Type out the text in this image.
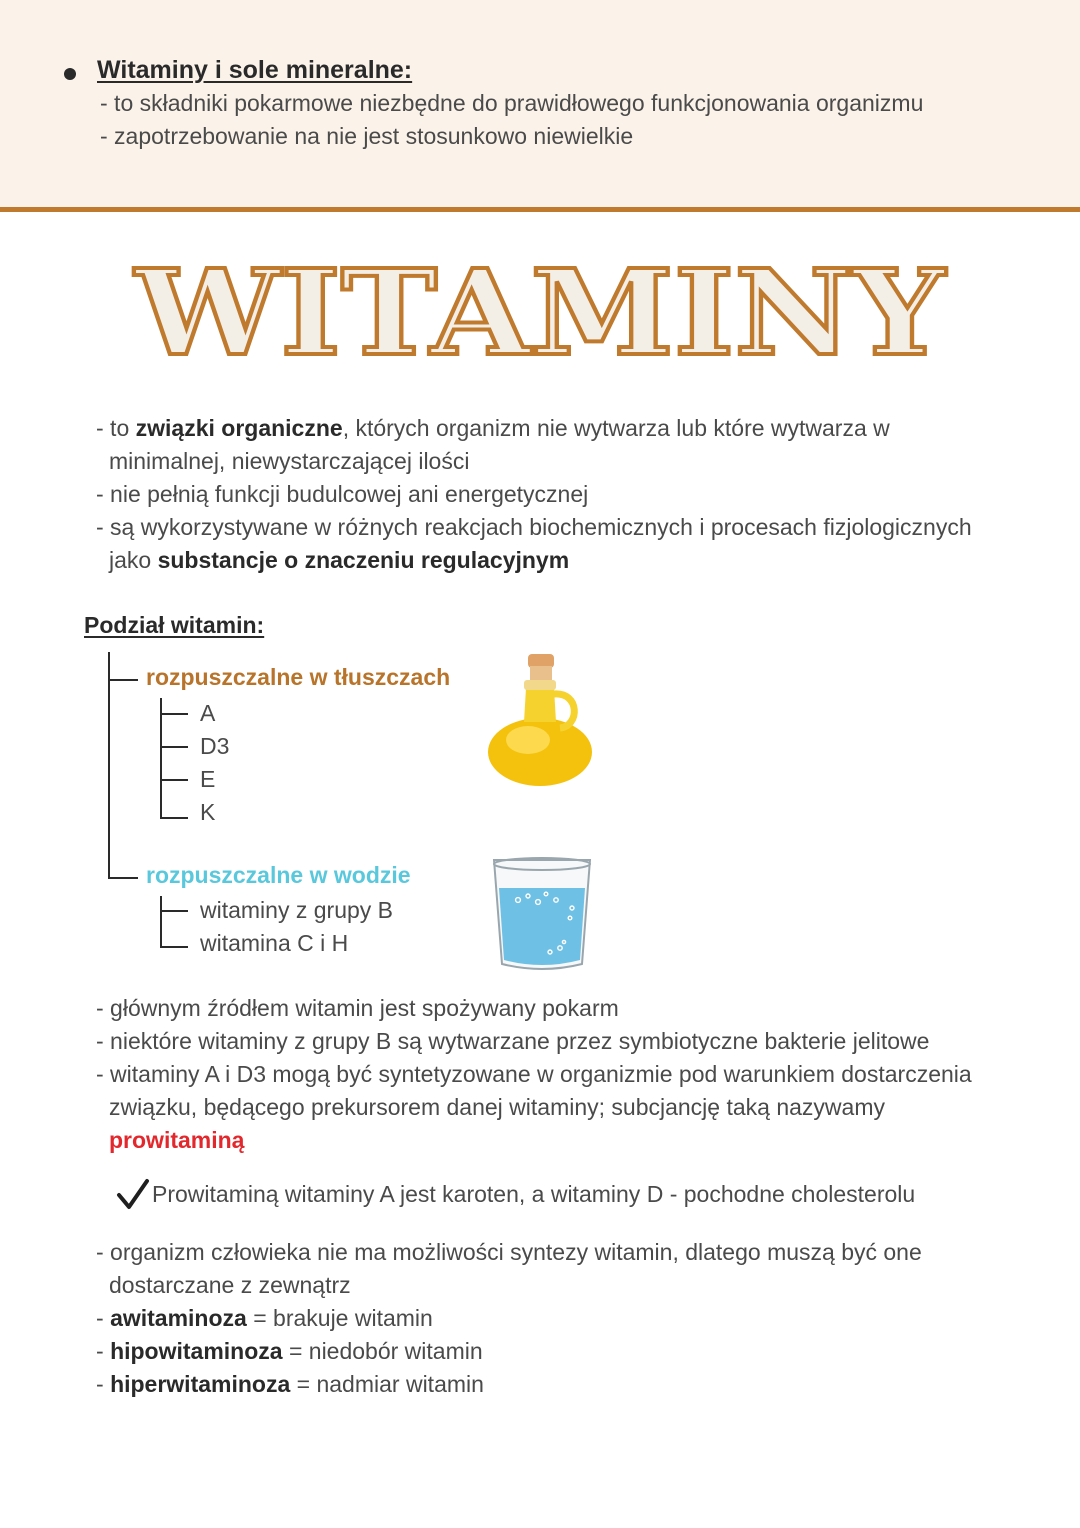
Witaminy i sole mineralne:
- to składniki pokarmowe niezbędne do prawidłowego funkcjonowania organizmu
- zapotrzebowanie na nie jest stosunkowo niewielkie
WITAMINY
- to związki organiczne, których organizm nie wytwarza lub które wytwarza w
minimalnej, niewystarczającej ilości
- nie pełnią funkcji budulcowej ani energetycznej
- są wykorzystywane w różnych reakcjach biochemicznych i procesach fizjologicznych
jako substancje o znaczeniu regulacyjnym
Podział witamin:
rozpuszczalne w tłuszczach
A
D3
E
K
rozpuszczalne w wodzie
witaminy z grupy B
witamina C i H
- głównym źródłem witamin jest spożywany pokarm
- niektóre witaminy z grupy B są wytwarzane przez symbiotyczne bakterie jelitowe
- witaminy A i D3 mogą być syntetyzowane w organizmie pod warunkiem dostarczenia
związku, będącego prekursorem danej witaminy; subcjancję taką nazywamy
prowitaminą
Prowitaminą witaminy A jest karoten, a witaminy D - pochodne cholesterolu
- organizm człowieka nie ma możliwości syntezy witamin, dlatego muszą być one
dostarczane z zewnątrz
- awitaminoza = brakuje witamin
- hipowitaminoza = niedobór witamin
- hiperwitaminoza = nadmiar witamin
